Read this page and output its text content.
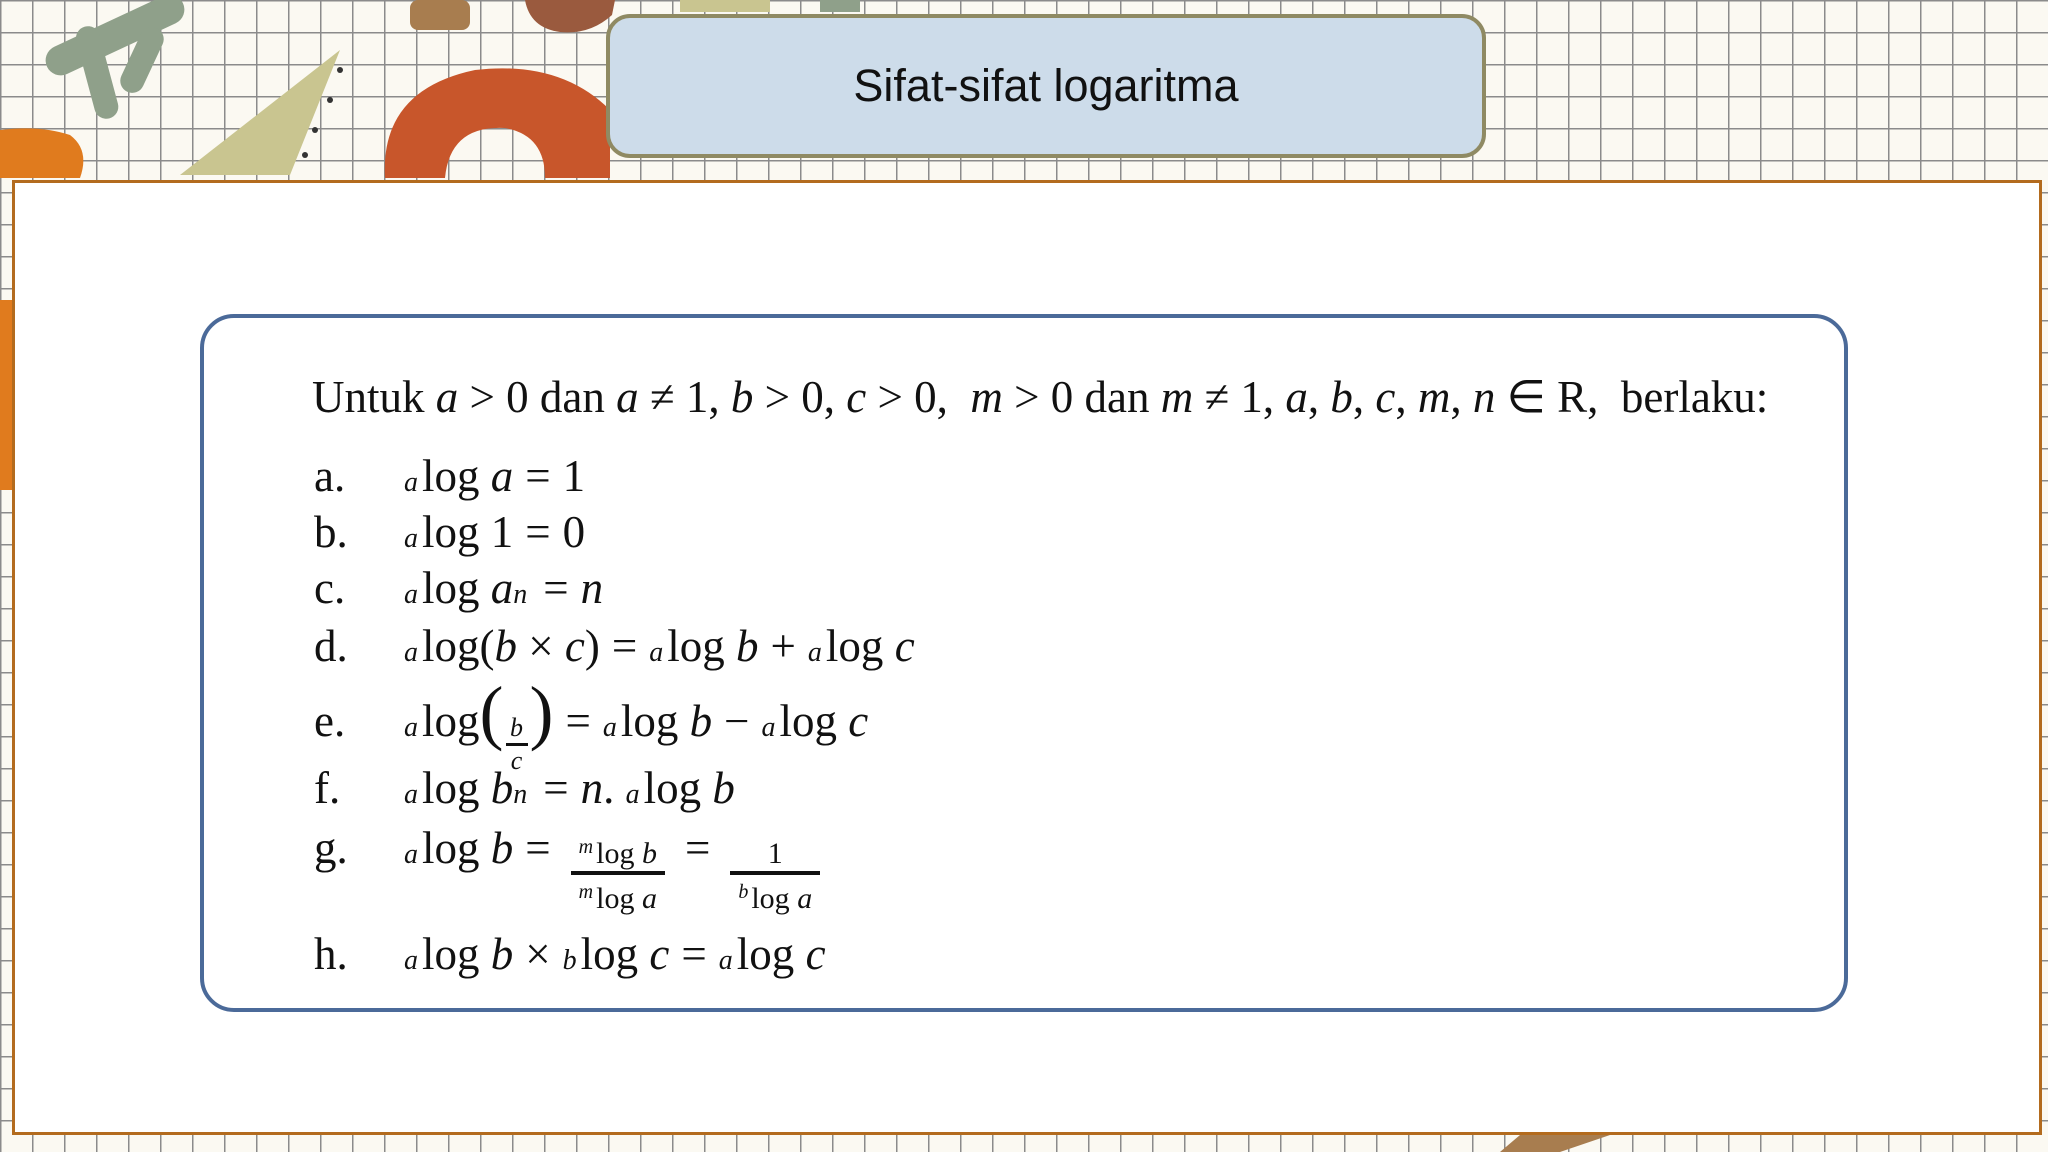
Sifat-sifat logaritma
Untuk a > 0 dan a ≠ 1, b > 0, c > 0,  m > 0 dan m ≠ 1, a, b, c, m, n ∈ R,  berlaku:
a.	a log a = 1
b.	a log 1 = 0
c.	a log a n = n
d.	a log( b × c ) = a log b + a log c
e.	a log ( b
c
) = a log b − a log c
f.	a log b n = n . a log b
g.	a $\log b = \frac{^m \log b}{^m \log a} = \frac{1}{^b \log a}$
h.	a log b × b log c = a log c
